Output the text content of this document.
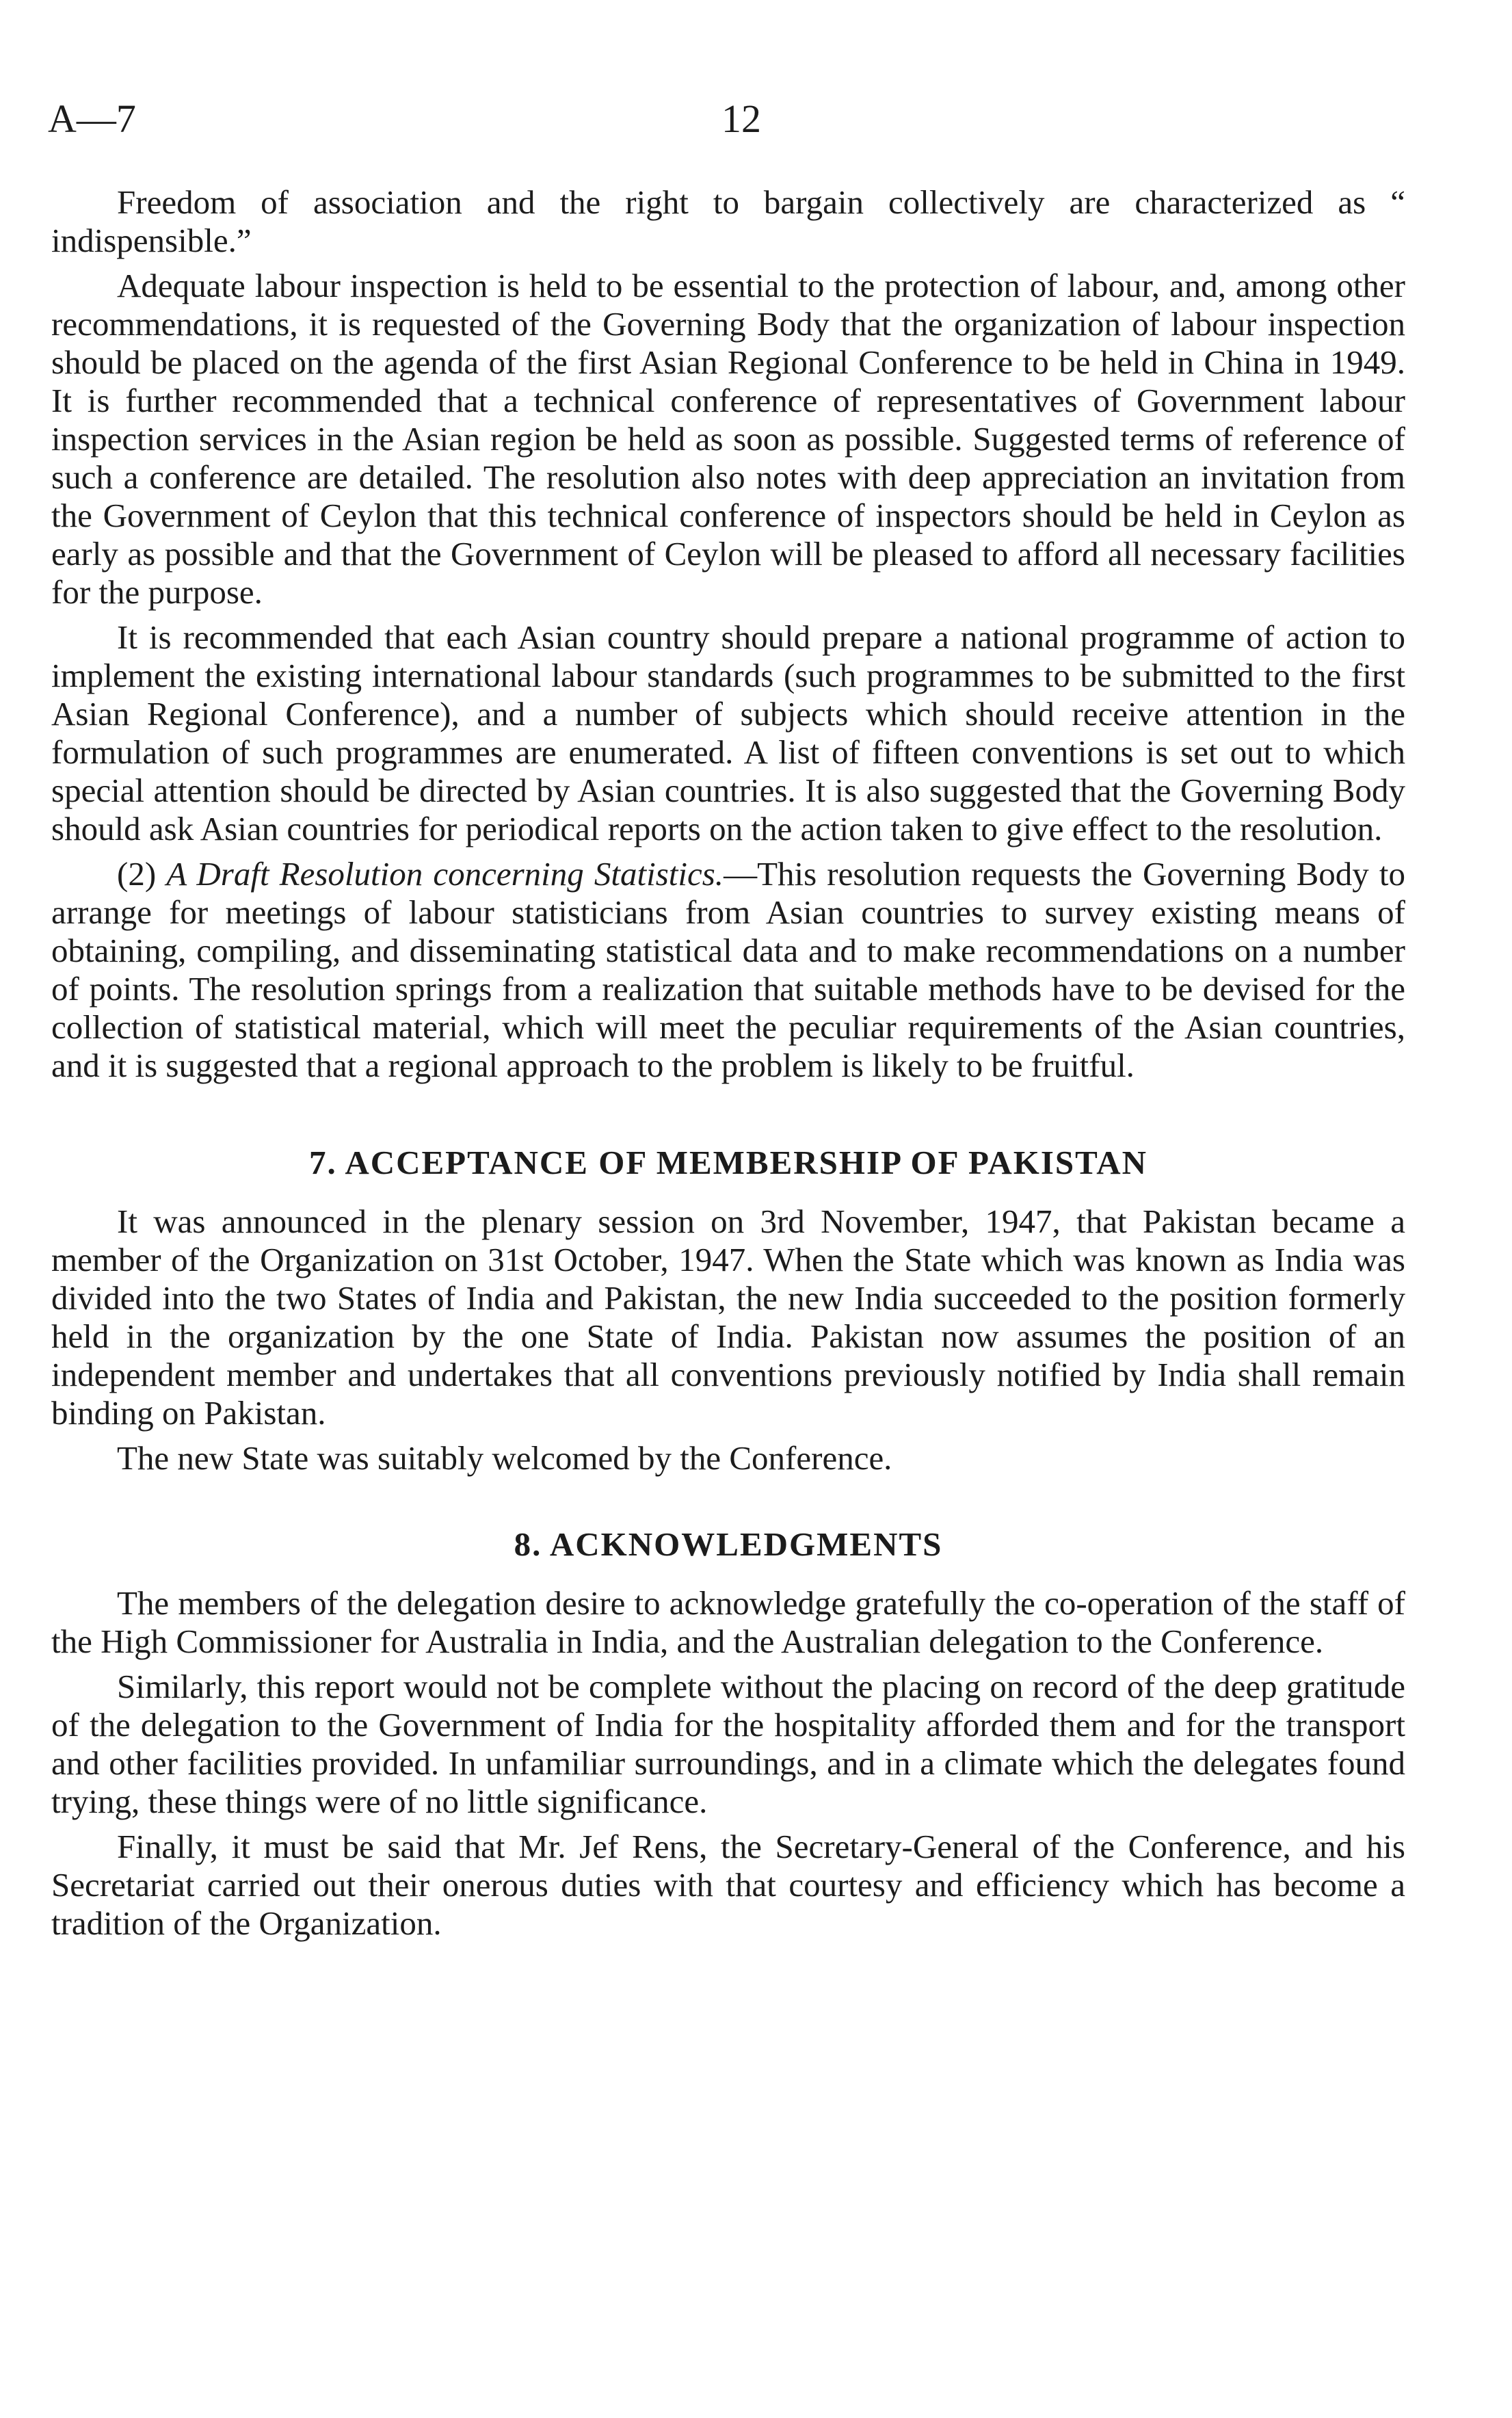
A—7	12

Freedom of association and the right to bargain collectively are characterized as “ indispensible.”

Adequate labour inspection is held to be essential to the protection of labour, and, among other recommendations, it is requested of the Governing Body that the organization of labour inspection should be placed on the agenda of the first Asian Regional Conference to be held in China in 1949. It is further recommended that a technical conference of representatives of Government labour inspection services in the Asian region be held as soon as possible. Suggested terms of reference of such a conference are detailed. The resolution also notes with deep appreciation an invitation from the Government of Ceylon that this technical conference of inspectors should be held in Ceylon as early as possible and that the Government of Ceylon will be pleased to afford all necessary facilities for the purpose.

It is recommended that each Asian country should prepare a national programme of action to implement the existing international labour standards (such programmes to be submitted to the first Asian Regional Conference), and a number of subjects which should receive attention in the formulation of such programmes are enumerated. A list of fifteen conventions is set out to which special attention should be directed by Asian countries. It is also suggested that the Governing Body should ask Asian countries for periodical reports on the action taken to give effect to the resolution.

(2) A Draft Resolution concerning Statistics.—This resolution requests the Governing Body to arrange for meetings of labour statisticians from Asian countries to survey existing means of obtaining, compiling, and disseminating statistical data and to make recommendations on a number of points. The resolution springs from a realization that suitable methods have to be devised for the collection of statistical material, which will meet the peculiar requirements of the Asian countries, and it is suggested that a regional approach to the problem is likely to be fruitful.

7. ACCEPTANCE OF MEMBERSHIP OF PAKISTAN

It was announced in the plenary session on 3rd November, 1947, that Pakistan became a member of the Organization on 31st October, 1947. When the State which was known as India was divided into the two States of India and Pakistan, the new India succeeded to the position formerly held in the organization by the one State of India. Pakistan now assumes the position of an independent member and undertakes that all conventions previously notified by India shall remain binding on Pakistan.

The new State was suitably welcomed by the Conference.

8. ACKNOWLEDGMENTS

The members of the delegation desire to acknowledge gratefully the co-operation of the staff of the High Commissioner for Australia in India, and the Australian delegation to the Conference.

Similarly, this report would not be complete without the placing on record of the deep gratitude of the delegation to the Government of India for the hospitality afforded them and for the transport and other facilities provided. In unfamiliar surroundings, and in a climate which the delegates found trying, these things were of no little significance.

Finally, it must be said that Mr. Jef Rens, the Secretary-General of the Conference, and his Secretariat carried out their onerous duties with that courtesy and efficiency which has become a tradition of the Organization.
